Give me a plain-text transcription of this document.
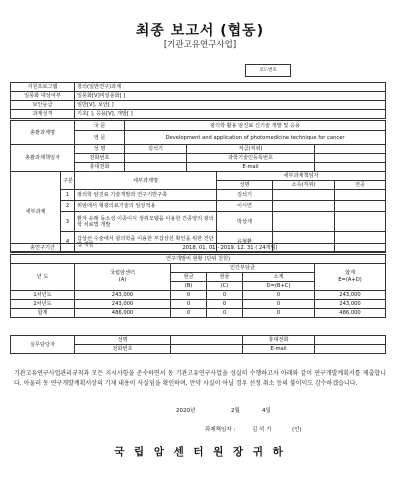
최종 보고서 (협동)
[기관고유연구사업]
코드번호
지원프로그램	창의(일반연구)과제
일몽화 대상여부	일몽화[V]비일몽화[ ]
보안등급	일반[V], 보안[ ]
과제성격	기초[ ], 응용[V], 개발[ ]
총괄과제명	국 문	광의학 활용 암진료 신기술 개발 및 응용		
	영 문	Development and application of photomedicine technique for cancer		
총괄과제책임자	성 명	김석기	직급(직위)	
	전화번호		과학기술인등록번호	
	휴대전화		E-mail	
세부과제	구분	세부과제명	세부과제책임자		
			성명	소속(직위)	전공
	1	광의학 암진료 기술개발과 연구기반구축	김석기		
	2	위암에서 형광의료기술의 임상적용	이시연		
	3	환자 유래 동소성 이종이식 생쥐모델을 이용한 간종양의 광의학 치료법 개발	박상재		
	4	갑상선 수술에서 광의학을 이용한 부갑상선 확인을 위한 진단법 개발	유형환		
총연구기간	2018. 01. 01 - 2019. 12. 31 ( 24개월)
연구개발비 현황 (단위 천원)					
년 도	국립암센터
(A)	민간부담금			합계
E=(A+D)
		현금	현물	소계	
		(B)	(C)	D=(B+C)	
1차년도	243,000	0	0	0	243,000
2차년도	243,000	0	0	0	243,000
합계	486,000	0	0	0	486,000
실무담당자	성명		휴대전화	
	전화번호		E-mail	
기관고유연구사업관리규칙과 모든 지시사항을 준수하면서 동 기관고유연구사업을 성실히 수행하고자 아래와 같이 연구개발계획서를 제출합니다. 아울러 동 연구개발계획서상의 기재 내용이 사실임을 확인하며, 만약 사실이 아닐 경우 선정 취소 등의 불이익도 감수하겠습니다.
2020년	2월	4일
과제책임자 :	김 석 기	(인)
국 립 암 센 터 원 장 귀 하
